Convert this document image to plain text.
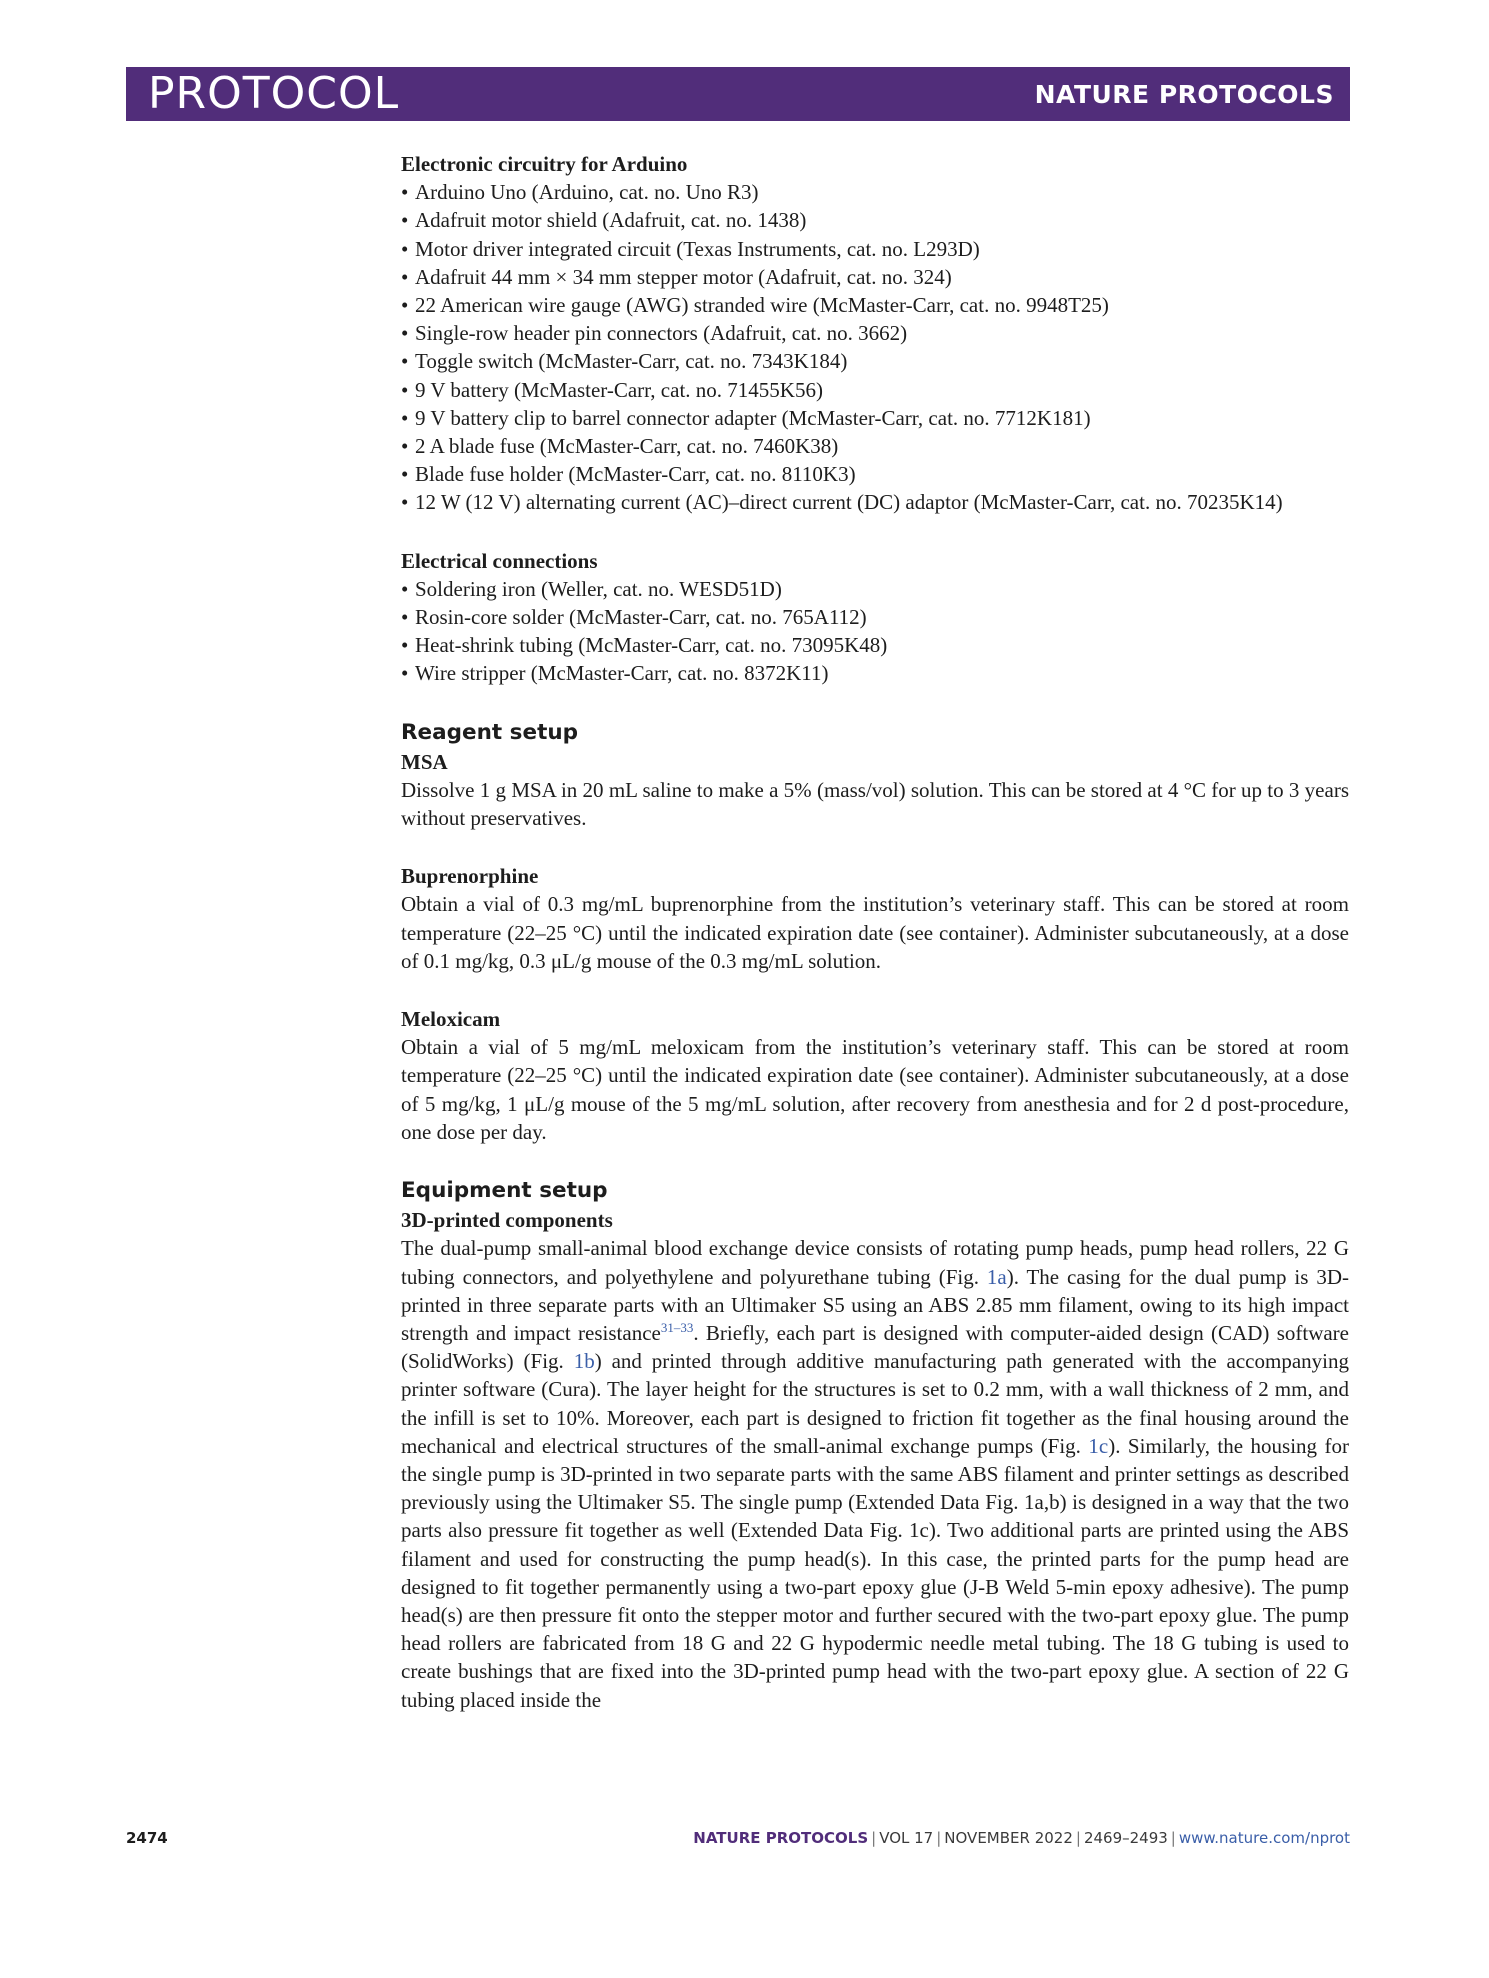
PROTOCOL	NATURE PROTOCOLS

Electronic circuitry for Arduino

• Arduino Uno (Arduino, cat. no. Uno R3)
• Adafruit motor shield (Adafruit, cat. no. 1438)
• Motor driver integrated circuit (Texas Instruments, cat. no. L293D)
• Adafruit 44 mm × 34 mm stepper motor (Adafruit, cat. no. 324)
• 22 American wire gauge (AWG) stranded wire (McMaster-Carr, cat. no. 9948T25)
• Single-row header pin connectors (Adafruit, cat. no. 3662)
• Toggle switch (McMaster-Carr, cat. no. 7343K184)
• 9 V battery (McMaster-Carr, cat. no. 71455K56)
• 9 V battery clip to barrel connector adapter (McMaster-Carr, cat. no. 7712K181)
• 2 A blade fuse (McMaster-Carr, cat. no. 7460K38)
• Blade fuse holder (McMaster-Carr, cat. no. 8110K3)
• 12 W (12 V) alternating current (AC)–direct current (DC) adaptor (McMaster-Carr, cat. no. 70235K14)

Electrical connections

• Soldering iron (Weller, cat. no. WESD51D)
• Rosin-core solder (McMaster-Carr, cat. no. 765A112)
• Heat-shrink tubing (McMaster-Carr, cat. no. 73095K48)
• Wire stripper (McMaster-Carr, cat. no. 8372K11)
Reagent setup

MSA

Dissolve 1 g MSA in 20 mL saline to make a 5% (mass/vol) solution. This can be stored at 4 °C for up to 3 years without preservatives.

Buprenorphine

Obtain a vial of 0.3 mg/mL buprenorphine from the institution’s veterinary staff. This can be stored at room temperature (22–25 °C) until the indicated expiration date (see container). Administer subcutaneously, at a dose of 0.1 mg/kg, 0.3 μL/g mouse of the 0.3 mg/mL solution.

Meloxicam

Obtain a vial of 5 mg/mL meloxicam from the institution’s veterinary staff. This can be stored at room temperature (22–25 °C) until the indicated expiration date (see container). Administer subcutaneously, at a dose of 5 mg/kg, 1 μL/g mouse of the 5 mg/mL solution, after recovery from anesthesia and for 2 d post-procedure, one dose per day.

Equipment setup

3D-printed components

The dual-pump small-animal blood exchange device consists of rotating pump heads, pump head rollers, 22 G tubing connectors, and polyethylene and polyurethane tubing (Fig. 1a). The casing for the dual pump is 3D-printed in three separate parts with an Ultimaker S5 using an ABS 2.85 mm filament, owing to its high impact strength and impact resistance$^{31-33}$. Briefly, each part is designed with computer-aided design (CAD) software (SolidWorks) (Fig. 1b) and printed through additive manufacturing path generated with the accompanying printer software (Cura). The layer height for the structures is set to 0.2 mm, with a wall thickness of 2 mm, and the infill is set to 10%. Moreover, each part is designed to friction fit together as the final housing around the mechanical and electrical structures of the small-animal exchange pumps (Fig. 1c). Similarly, the housing for the single pump is 3D-printed in two separate parts with the same ABS filament and printer settings as described previously using the Ultimaker S5. The single pump (Extended Data Fig. 1a,b) is designed in a way that the two parts also pressure fit together as well (Extended Data Fig. 1c). Two additional parts are printed using the ABS filament and used for constructing the pump head(s). In this case, the printed parts for the pump head are designed to fit together permanently using a two-part epoxy glue (J-B Weld 5-min epoxy adhesive). The pump head(s) are then pressure fit onto the stepper motor and further secured with the two-part epoxy glue. The pump head rollers are fabricated from 18 G and 22 G hypodermic needle metal tubing. The 18 G tubing is used to create bushings that are fixed into the 3D-printed pump head with the two-part epoxy glue. A section of 22 G tubing placed inside the

2474	NATURE PROTOCOLS | VOL 17 | NOVEMBER 2022 | 2469–2493 | www.nature.com/nprot
